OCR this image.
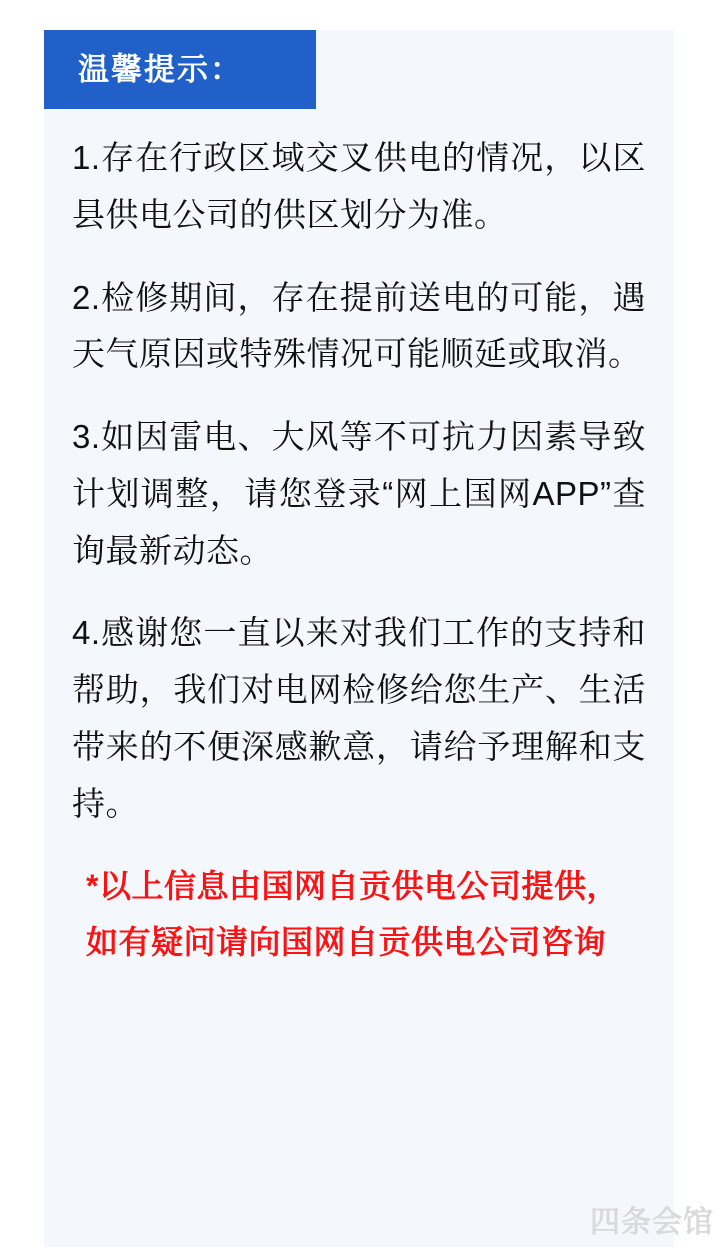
温馨提示：

1.存在行政区域交叉供电的情况，以区县供电公司的供区划分为准。

2.检修期间，存在提前送电的可能，遇天气原因或特殊情况可能顺延或取消。

3.如因雷电、大风等不可抗力因素导致计划调整，请您登录“网上国网APP”查询最新动态。

4.感谢您一直以来对我们工作的支持和帮助，我们对电网检修给您生产、生活带来的不便深感歉意，请给予理解和支持。

*以上信息由国网自贡供电公司提供，如有疑问请向国网自贡供电公司咨询

四条会馆
